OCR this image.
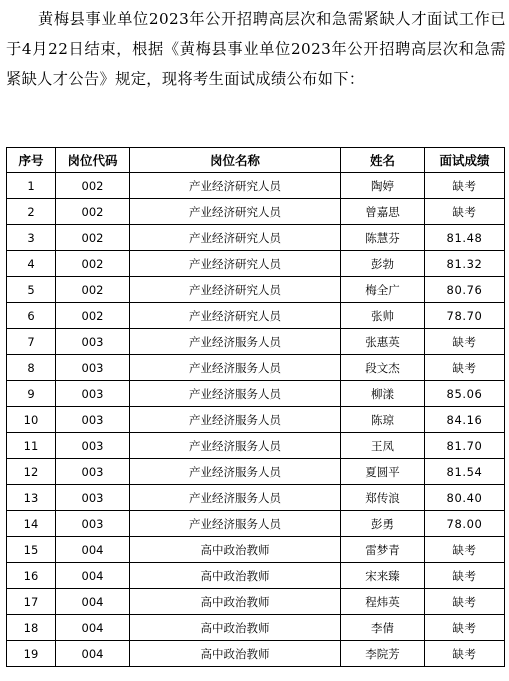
黄梅县事业单位2023年公开招聘高层次和急需紧缺人才面试工作已于4月22日结束，根据《黄梅县事业单位2023年公开招聘高层次和急需紧缺人才公告》规定，现将考生面试成绩公布如下：

序号	岗位代码	岗位名称	姓名	面试成绩
1	002	产业经济研究人员	陶婷	缺考
2	002	产业经济研究人员	曾嘉思	缺考
3	002	产业经济研究人员	陈慧芬	81.48
4	002	产业经济研究人员	彭勃	81.32
5	002	产业经济研究人员	梅全广	80.76
6	002	产业经济研究人员	张帅	78.70
7	003	产业经济服务人员	张惠英	缺考
8	003	产业经济服务人员	段文杰	缺考
9	003	产业经济服务人员	柳漾	85.06
10	003	产业经济服务人员	陈琼	84.16
11	003	产业经济服务人员	王凤	81.70
12	003	产业经济服务人员	夏圆平	81.54
13	003	产业经济服务人员	郑传浪	80.40
14	003	产业经济服务人员	彭勇	78.00
15	004	高中政治教师	雷梦青	缺考
16	004	高中政治教师	宋来臻	缺考
17	004	高中政治教师	程炜英	缺考
18	004	高中政治教师	李倩	缺考
19	004	高中政治教师	李院芳	缺考
